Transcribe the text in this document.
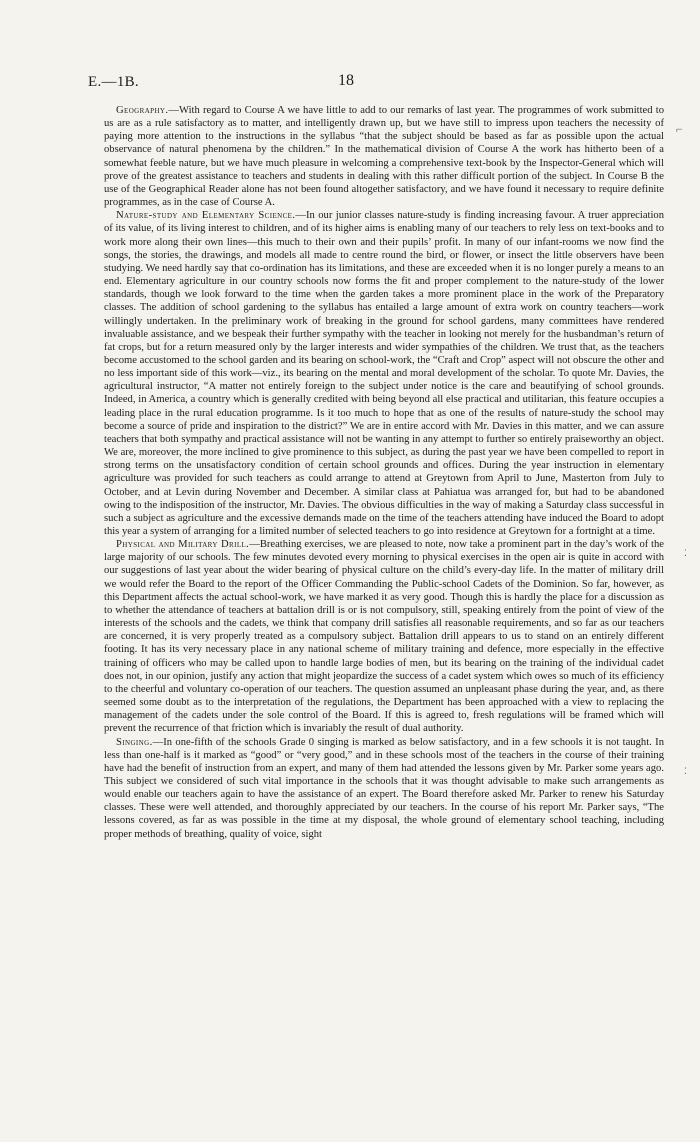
E.—1B.	18

Geography.—With regard to Course A we have little to add to our remarks of last year. The programmes of work submitted to us are as a rule satisfactory as to matter, and intelligently drawn up, but we have still to impress upon teachers the necessity of paying more attention to the instructions in the syllabus “that the subject should be based as far as possible upon the actual observance of natural phenomena by the children.” In the mathematical division of Course A the work has hitherto been of a somewhat feeble nature, but we have much pleasure in welcoming a comprehensive text-book by the Inspector-General which will prove of the greatest assistance to teachers and students in dealing with this rather difficult portion of the subject. In Course B the use of the Geographical Reader alone has not been found altogether satisfactory, and we have found it necessary to require definite programmes, as in the case of Course A.

Nature-study and Elementary Science.—In our junior classes nature-study is finding increasing favour. A truer appreciation of its value, of its living interest to children, and of its higher aims is enabling many of our teachers to rely less on text-books and to work more along their own lines—this much to their own and their pupils’ profit. In many of our infant-rooms we now find the songs, the stories, the drawings, and models all made to centre round the bird, or flower, or insect the little observers have been studying. We need hardly say that co-ordination has its limitations, and these are exceeded when it is no longer purely a means to an end. Elementary agriculture in our country schools now forms the fit and proper complement to the nature-study of the lower standards, though we look forward to the time when the garden takes a more prominent place in the work of the Preparatory classes. The addition of school gardening to the syllabus has entailed a large amount of extra work on country teachers—work willingly undertaken. In the preliminary work of breaking in the ground for school gardens, many committees have rendered invaluable assistance, and we bespeak their further sympathy with the teacher in looking not merely for the husbandman’s return of fat crops, but for a return measured only by the larger interests and wider sympathies of the children. We trust that, as the teachers become accustomed to the school garden and its bearing on school-work, the “Craft and Crop” aspect will not obscure the other and no less important side of this work—viz., its bearing on the mental and moral development of the scholar. To quote Mr. Davies, the agricultural instructor, “A matter not entirely foreign to the subject under notice is the care and beautifying of school grounds. Indeed, in America, a country which is generally credited with being beyond all else practical and utilitarian, this feature occupies a leading place in the rural education programme. Is it too much to hope that as one of the results of nature-study the school may become a source of pride and inspiration to the district?” We are in entire accord with Mr. Davies in this matter, and we can assure teachers that both sympathy and practical assistance will not be wanting in any attempt to further so entirely praiseworthy an object. We are, moreover, the more inclined to give prominence to this subject, as during the past year we have been compelled to report in strong terms on the unsatisfactory condition of certain school grounds and offices. During the year instruction in elementary agriculture was provided for such teachers as could arrange to attend at Greytown from April to June, Masterton from July to October, and at Levin during November and December. A similar class at Pahiatua was arranged for, but had to be abandoned owing to the indisposition of the instructor, Mr. Davies. The obvious difficulties in the way of making a Saturday class successful in such a subject as agriculture and the excessive demands made on the time of the teachers attending have induced the Board to adopt this year a system of arranging for a limited number of selected teachers to go into residence at Greytown for a fortnight at a time.

Physical and Military Drill.—Breathing exercises, we are pleased to note, now take a prominent part in the day’s work of the large majority of our schools. The few minutes devoted every morning to physical exercises in the open air is quite in accord with our suggestions of last year about the wider bearing of physical culture on the child’s every-day life. In the matter of military drill we would refer the Board to the report of the Officer Commanding the Public-school Cadets of the Dominion. So far, however, as this Department affects the actual school-work, we have marked it as very good. Though this is hardly the place for a discussion as to whether the attendance of teachers at battalion drill is or is not compulsory, still, speaking entirely from the point of view of the interests of the schools and the cadets, we think that company drill satisfies all reasonable requirements, and so far as our teachers are concerned, it is very properly treated as a compulsory subject. Battalion drill appears to us to stand on an entirely different footing. It has its very necessary place in any national scheme of military training and defence, more especially in the effective training of officers who may be called upon to handle large bodies of men, but its bearing on the training of the individual cadet does not, in our opinion, justify any action that might jeopardize the success of a cadet system which owes so much of its efficiency to the cheerful and voluntary co-operation of our teachers. The question assumed an unpleasant phase during the year, and, as there seemed some doubt as to the interpretation of the regulations, the Department has been approached with a view to replacing the management of the cadets under the sole control of the Board. If this is agreed to, fresh regulations will be framed which will prevent the recurrence of that friction which is invariably the result of dual authority.

Singing.—In one-fifth of the schools Grade 0 singing is marked as below satisfactory, and in a few schools it is not taught. In less than one-half is it marked as “good” or “very good,” and in these schools most of the teachers in the course of their training have had the benefit of instruction from an expert, and many of them had attended the lessons given by Mr. Parker some years ago. This subject we considered of such vital importance in the schools that it was thought advisable to make such arrangements as would enable our teachers again to have the assistance of an expert. The Board therefore asked Mr. Parker to renew his Saturday classes. These were well attended, and thoroughly appreciated by our teachers. In the course of his report Mr. Parker says, “The lessons covered, as far as was possible in the time at my disposal, the whole ground of elementary school teaching, including proper methods of breathing, quality of voice, sight

⌐
⁚
⁚
